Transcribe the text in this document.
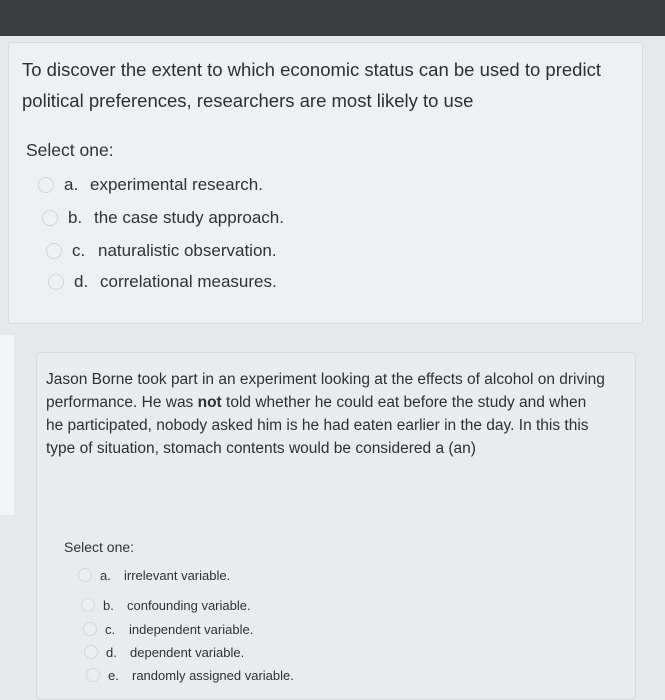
To discover the extent to which economic status can be used to predict political preferences, researchers are most likely to use
Select one:
a. experimental research.
b. the case study approach.
c. naturalistic observation.
d. correlational measures.
Jason Borne took part in an experiment looking at the effects of alcohol on driving performance. He was not told whether he could eat before the study and when he participated, nobody asked him is he had eaten earlier in the day. In this this type of situation, stomach contents would be considered a (an)
Select one:
a.	irrelevant variable.
b.	confounding variable.
c.	independent variable.
d.	dependent variable.
e.	randomly assigned variable.
